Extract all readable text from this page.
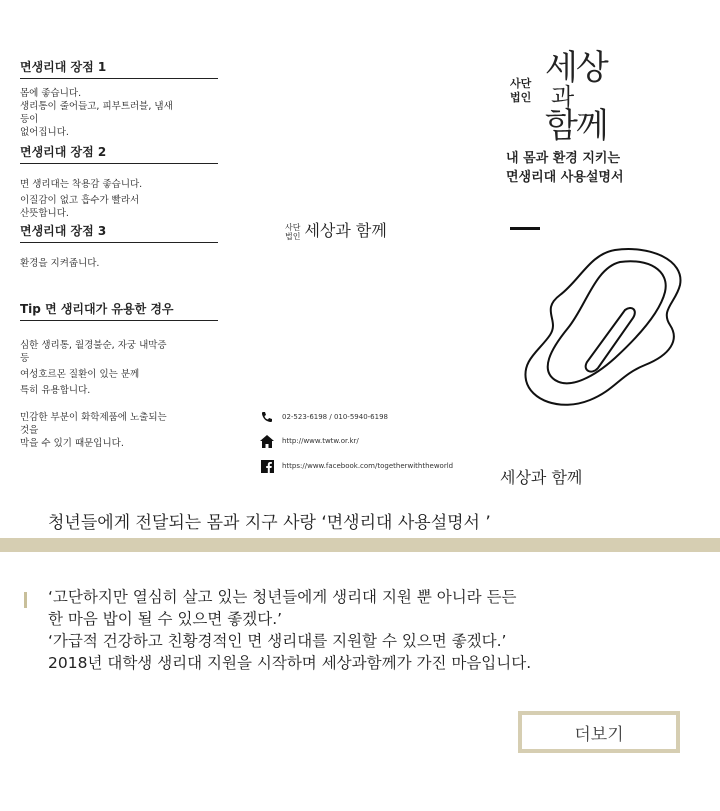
면생리대 장점 1

몸에 좋습니다.

생리통이 줄어들고, 피부트러블, 냄새

등이

없어집니다.

면생리대 장점 2

면 생리대는 착용감 좋습니다.

이질감이 없고 흡수가 빨라서

산뜻합니다.

면생리대 장점 3

환경을 지켜줍니다.

Tip 면 생리대가 유용한 경우

심한 생리통, 월경불순, 자궁 내막증

등

여성호르몬 질환이 있는 분께

특히 유용합니다.

민감한 부분이 화학제품에 노출되는

것을

막을 수 있기 때문입니다.

사단
법인
세상
과
함께
내 몸과 환경 지키는
면생리대 사용설명서
사단
법인 세상과 함께
02-523-6198 / 010-5940-6198
http://www.twtw.or.kr/
https://www.facebook.com/togetherwiththeworld
세상과 함께
청년들에게 전달되는 몸과 지구 사랑 ‘면생리대 사용설명서 ’

‘고단하지만 열심히 살고 있는 청년들에게 생리대 지원 뿐 아니라 든든

한 마음 밥이 될 수 있으면 좋겠다.’

‘가급적 건강하고 친황경적인 면 생리대를 지원할 수 있으면 좋겠다.’

2018년 대학생 생리대 지원을 시작하며 세상과함께가 가진 마음입니다.

더보기
